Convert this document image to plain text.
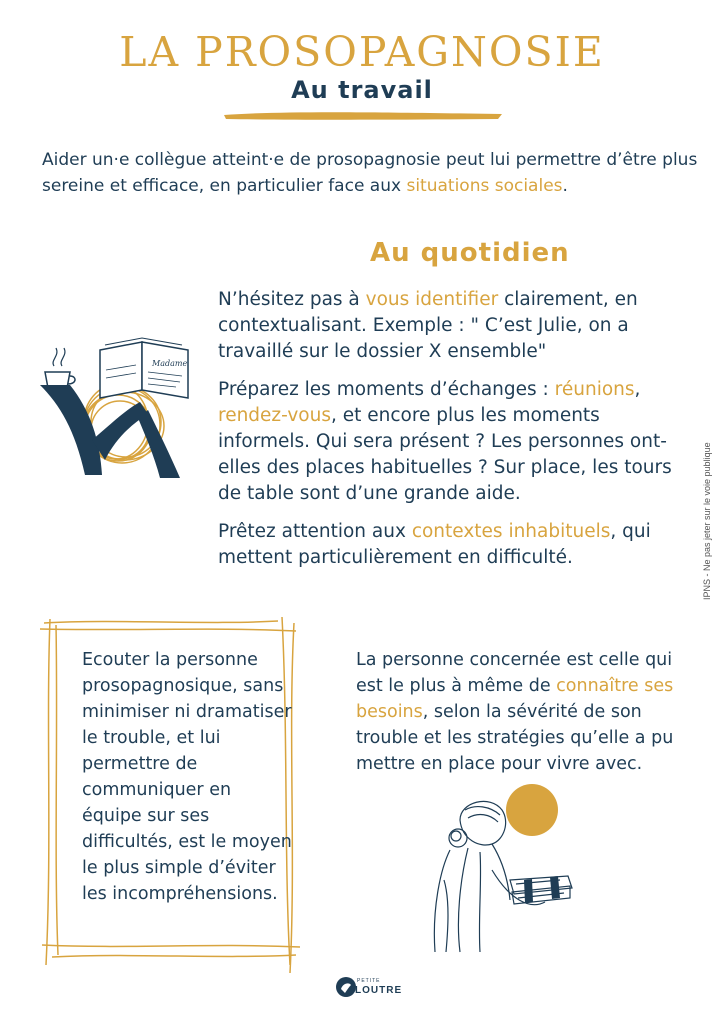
LA PROSOPAGNOSIE
Au travail
Aider un·e collègue atteint·e de prosopagnosie peut lui permettre d’être plus sereine et efficace, en particulier face aux situations sociales.
Au quotidien

N’hésitez pas à vous identifier clairement, en contextualisant. Exemple : " C’est Julie, on a travaillé sur le dossier X ensemble"

Préparez les moments d’échanges : réunions, rendez-vous, et encore plus les moments informels. Qui sera présent ? Les personnes ont-elles des places habituelles ? Sur place, les tours de table sont d’une grande aide.

Prêtez attention aux contextes inhabituels, qui mettent particulièrement en difficulté.	IPNS - Ne pas jeter sur le voie publique
Madame
Ecouter la personne prosopagnosique, sans minimiser ni dramatiser le trouble, et lui permettre de communiquer en équipe sur ses difficultés, est le moyen le plus simple d’éviter les incompréhensions.
La personne concernée est celle qui est le plus à même de connaître ses besoins, selon la sévérité de son trouble et les stratégies qu’elle a pu mettre en place pour vivre avec.
PETITE
LOUTRE
